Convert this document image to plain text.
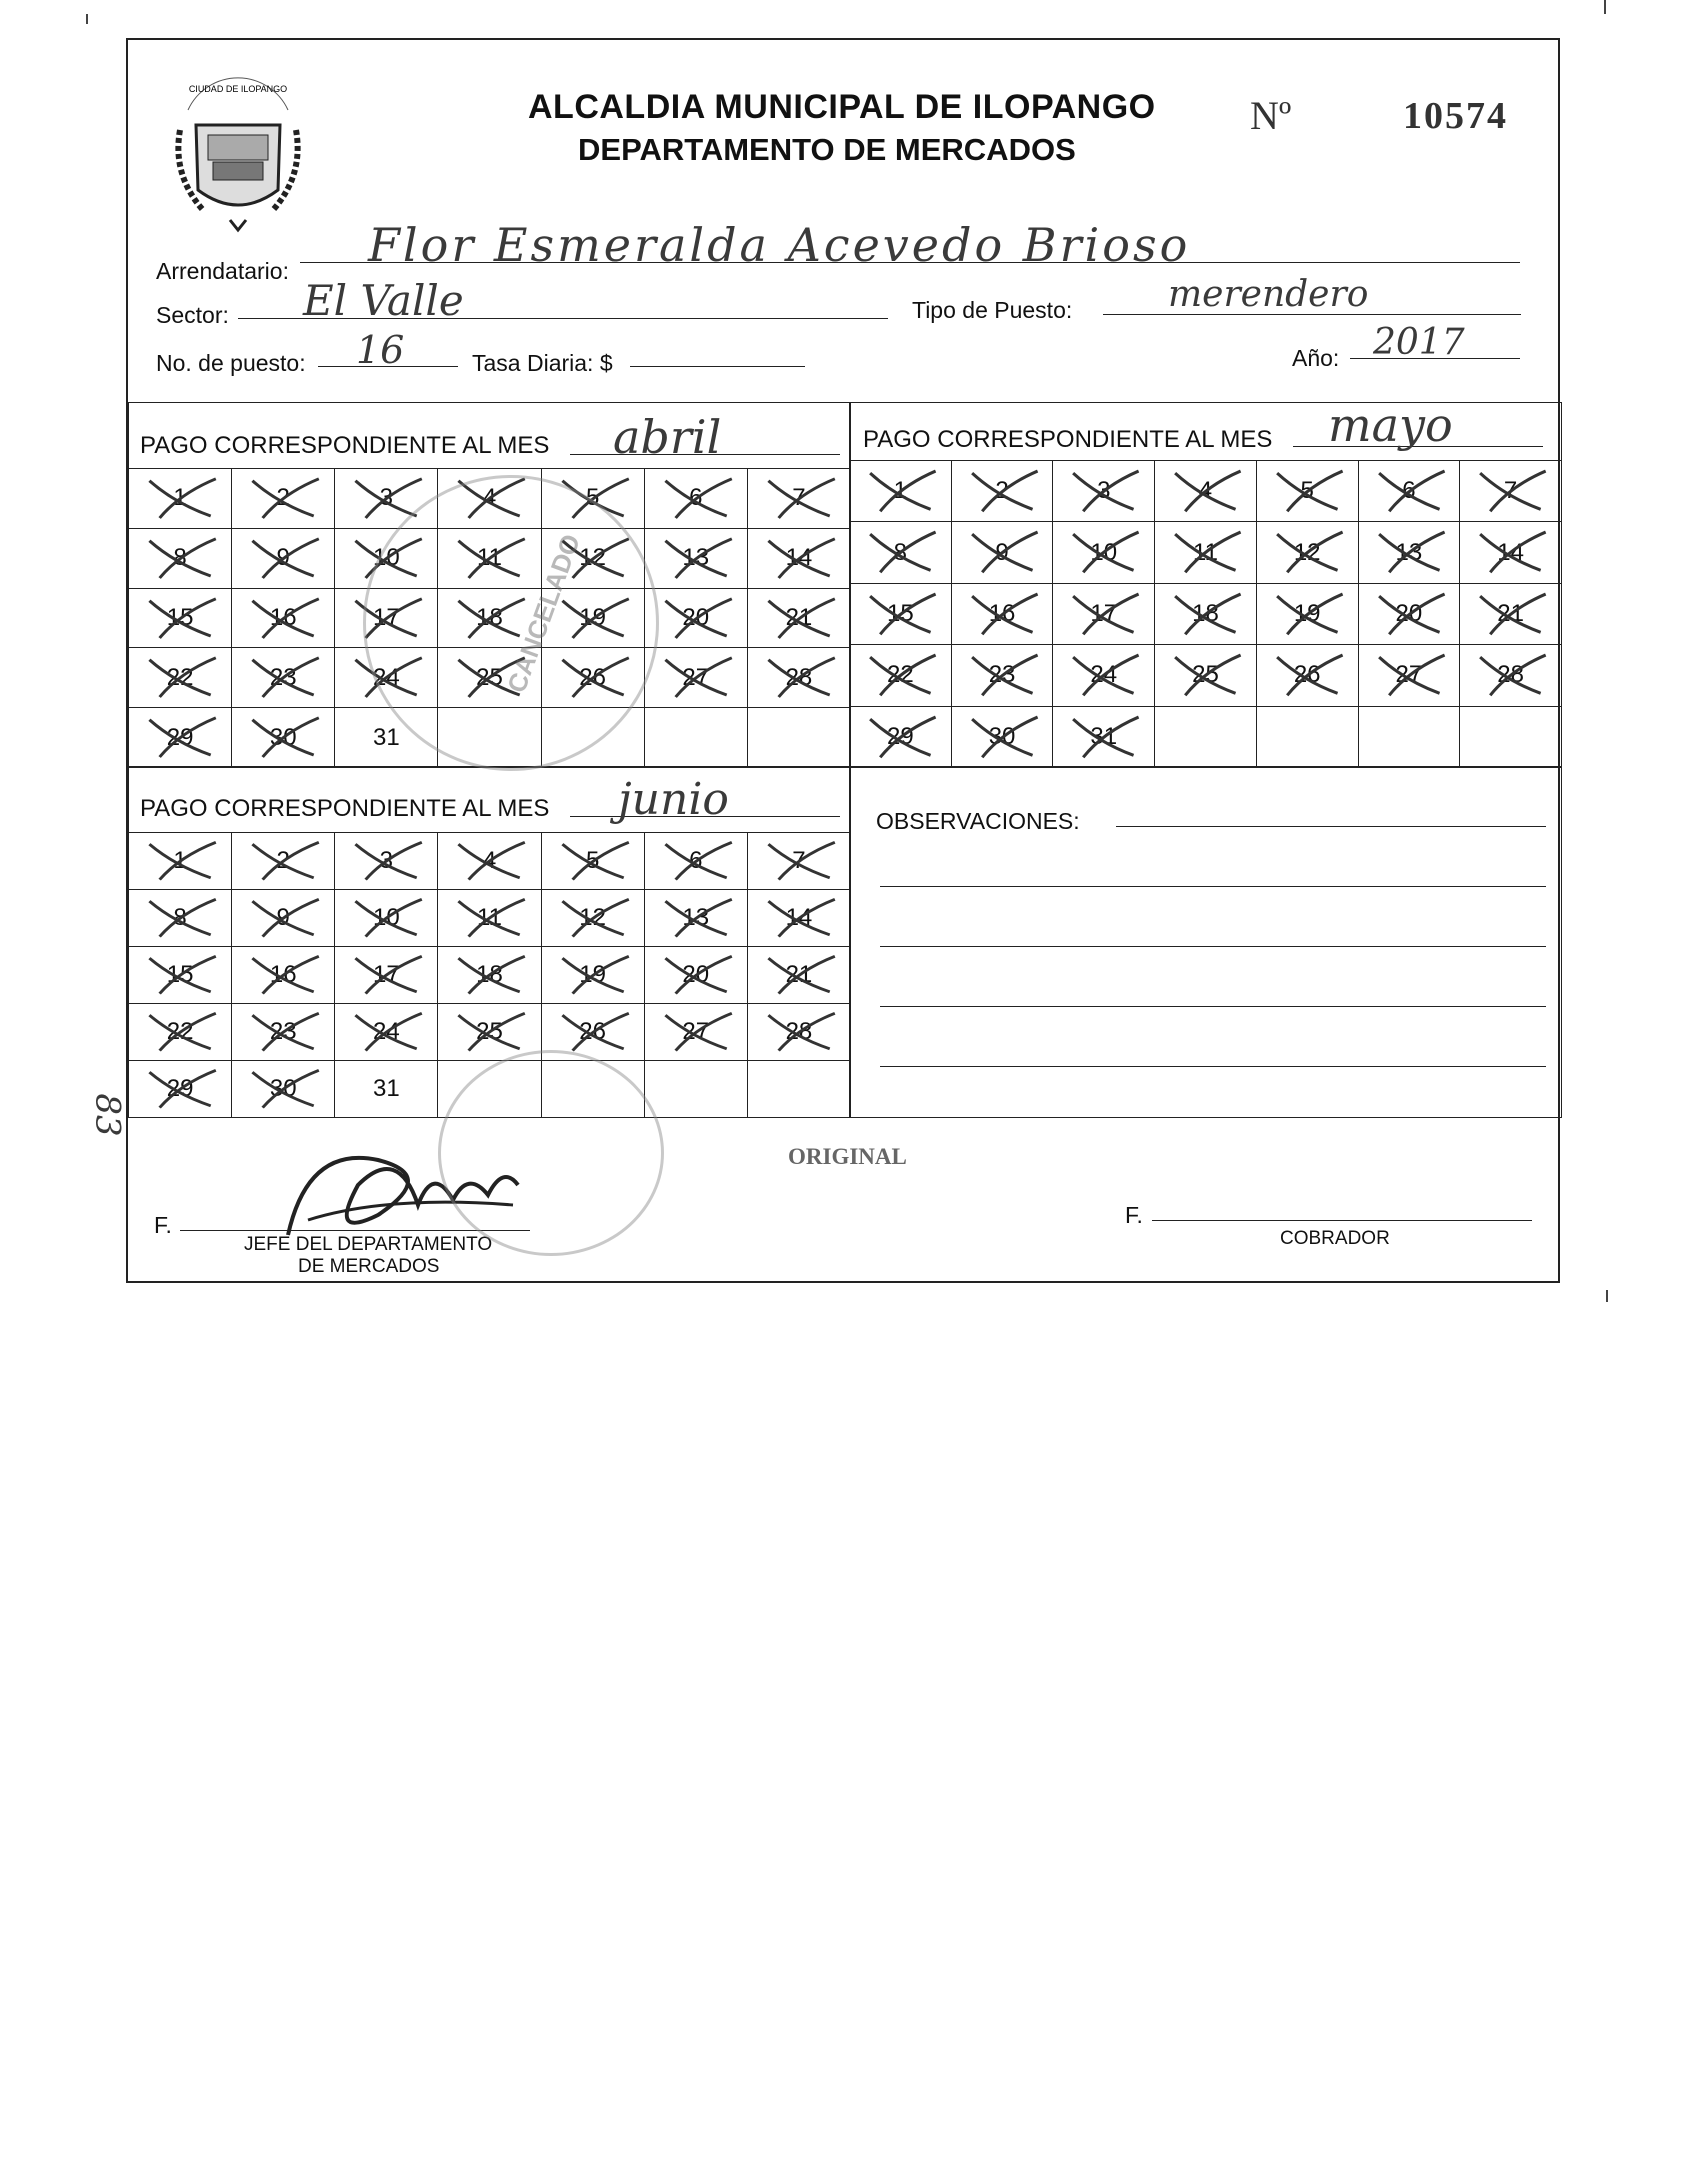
83
CIUDAD DE ILOPANGO	ALCALDIA MUNICIPAL DE ILOPANGO
DEPARTAMENTO DE MERCADOS
Nº	10574
Arrendatario: Flor Esmeralda Acevedo Brioso
Sector: El Valle	Tipo de Puesto:	merendero
No. de puesto: 16	Tasa Diaria: $	Año: 2017
PAGO CORRESPONDIENTE AL MES abril	PAGO CORRESPONDIENTE AL MES mayo
PAGO CORRESPONDIENTE AL MES junio
1	2	3	4	5	6	7

8	9	10	11	12	13	14

15	16	17	18	19	20	21

22	23	24	25	26	27	28

29	30	31				
1	2	3	4	5	6	7

8	9	10	11	12	13	14

15	16	17	18	19	20	21

22	23	24	25	26	27	28

29	30	31

1	2	3	4	5	6	7

8	9	10	11	12	13	14

15	16	17	18	19	20	21

22	23	24	25	26	27	28

29	30	31				
OBSERVACIONES:
ORIGINAL
F.
JEFE DEL DEPARTAMENTO
DE MERCADOS
F.
COBRADOR
CANCELADO
